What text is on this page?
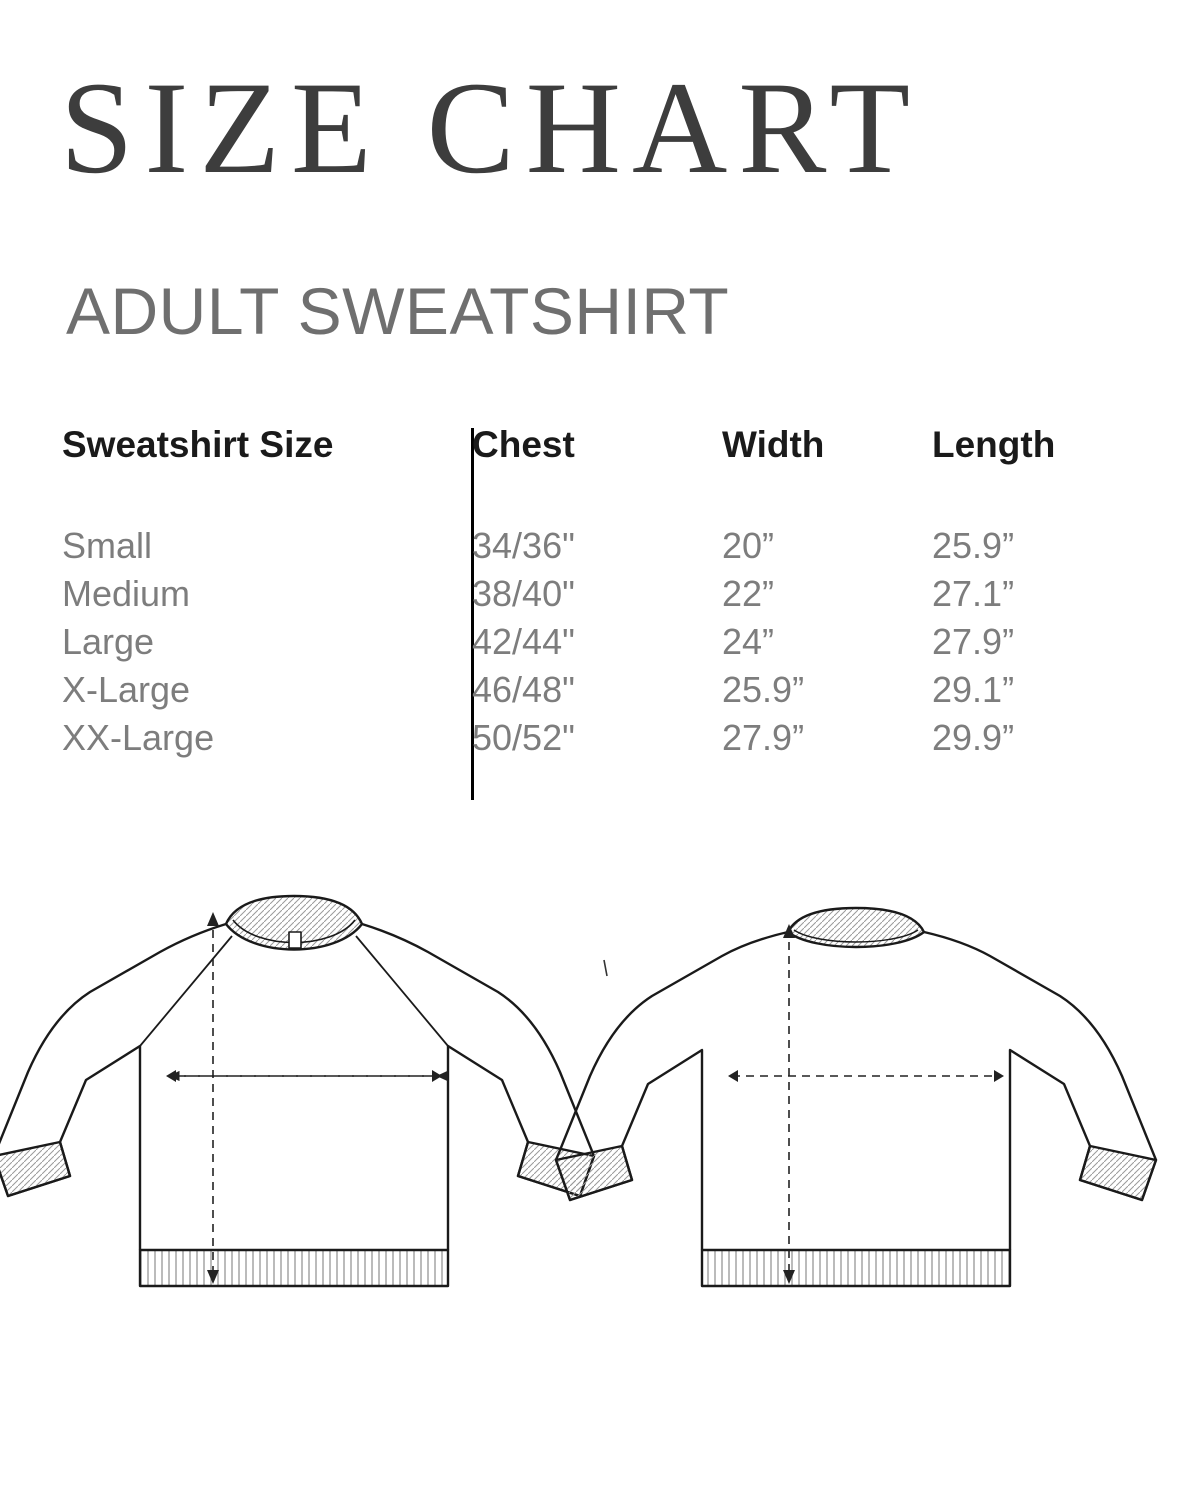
SIZE CHART
ADULT SWEATSHIRT
Sweatshirt Size	Chest	Width	Length

Small	34/36"	20”	25.9”
Medium	38/40"	22”	27.1”
Large	42/44"	24”	27.9”
X-Large	46/48"	25.9”	29.1”
XX-Large	50/52"	27.9”	29.9”
